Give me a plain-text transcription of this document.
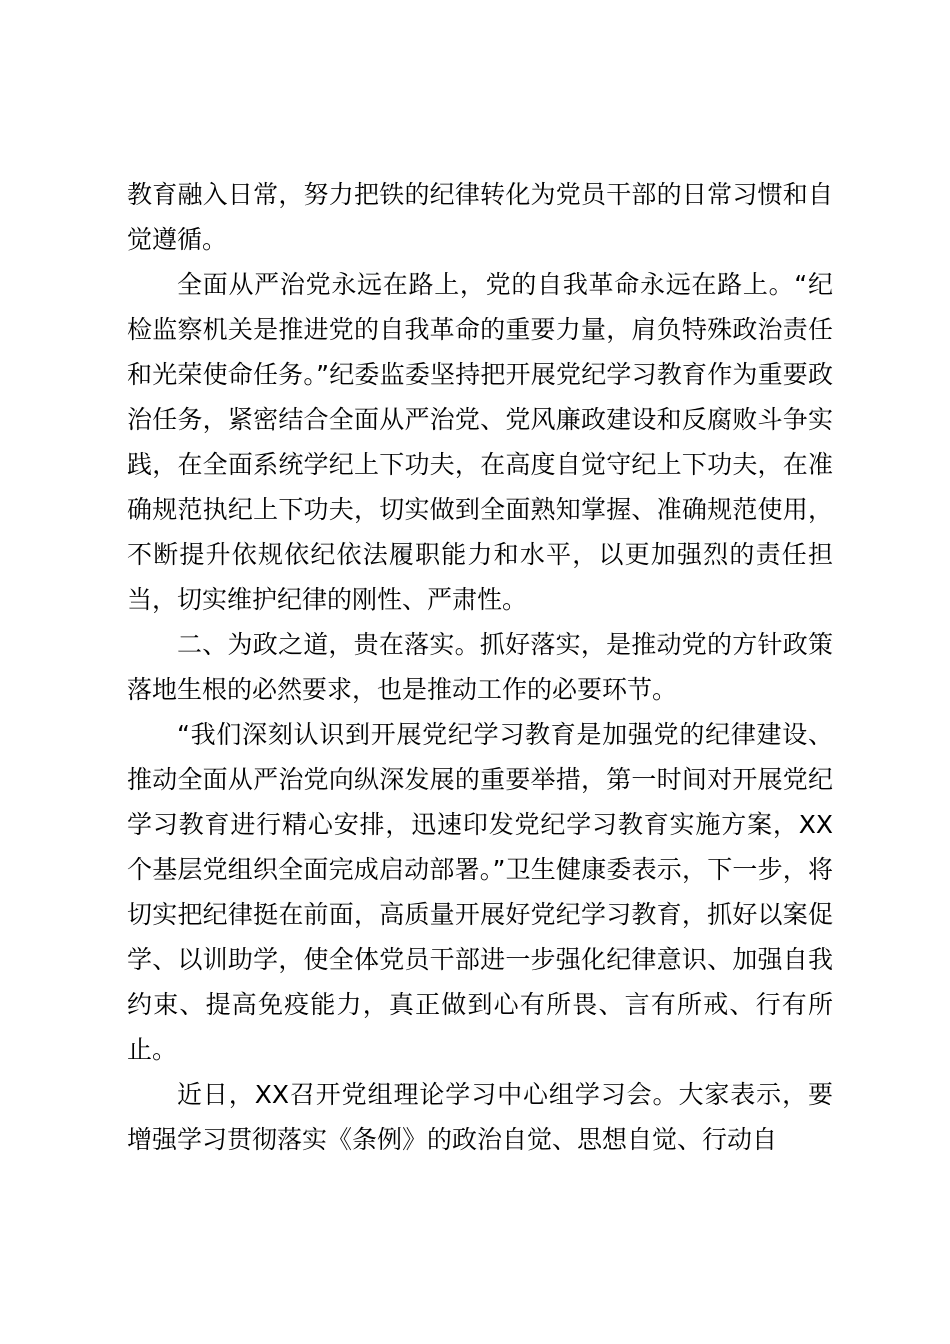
教育融入日常，努力把铁的纪律转化为党员干部的日常习惯和自觉遵循。

全面从严治党永远在路上，党的自我革命永远在路上。“纪检监察机关是推进党的自我革命的重要力量，肩负特殊政治责任和光荣使命任务。”纪委监委坚持把开展党纪学习教育作为重要政治任务，紧密结合全面从严治党、党风廉政建设和反腐败斗争实践，在全面系统学纪上下功夫，在高度自觉守纪上下功夫，在准确规范执纪上下功夫，切实做到全面熟知掌握、准确规范使用，不断提升依规依纪依法履职能力和水平，以更加强烈的责任担当，切实维护纪律的刚性、严肃性。

二、为政之道，贵在落实。抓好落实，是推动党的方针政策落地生根的必然要求，也是推动工作的必要环节。

“我们深刻认识到开展党纪学习教育是加强党的纪律建设、推动全面从严治党向纵深发展的重要举措，第一时间对开展党纪学习教育进行精心安排，迅速印发党纪学习教育实施方案，XX个基层党组织全面完成启动部署。”卫生健康委表示，下一步，将切实把纪律挺在前面，高质量开展好党纪学习教育，抓好以案促学、以训助学，使全体党员干部进一步强化纪律意识、加强自我约束、提高免疫能力，真正做到心有所畏、言有所戒、行有所止。

近日，XX召开党组理论学习中心组学习会。大家表示，要增强学习贯彻落实《条例》的政治自觉、思想自觉、行动自
